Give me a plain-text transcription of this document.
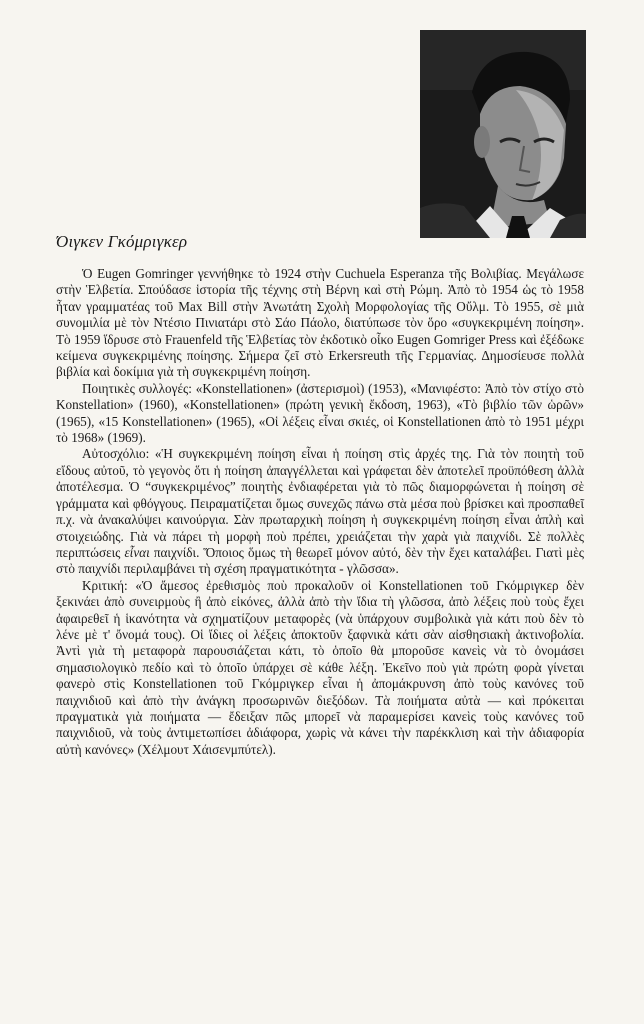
Όιγκεν Γκόμριγκερ

Ὁ Eugen Gomringer γεννήθηκε τὸ 1924 στὴν Cuchuela Esperanza τῆς Βολιβίας. Μεγάλωσε στὴν Ἑλβετία. Σπούδασε ἱστορία τῆς τέχνης στὴ Βέρνη καὶ στὴ Ρώμη. Ἀπὸ τὸ 1954 ὡς τὸ 1958 ἦταν γραμματέας τοῦ Max Bill στὴν Ἀνωτάτη Σχολὴ Μορφολογίας τῆς Οὔλμ. Τὸ 1955, σὲ μιὰ συνομιλία μὲ τὸν Ντέσιο Πινιατάρι στὸ Σάο Πάολο, διατύπωσε τὸν ὅρο «συγκεκριμένη ποίηση». Τὸ 1959 ἵδρυσε στὸ Frauenfeld τῆς Ἑλβετίας τὸν ἐκδοτικὸ οἶκο Eugen Gomriger Press καὶ ἐξέδωκε κείμενα συγκεκριμένης ποίησης. Σήμερα ζεῖ στὸ Erkersreuth τῆς Γερμανίας. Δημοσίευσε πολλὰ βιβλία καὶ δοκίμια γιὰ τὴ συγκεκριμένη ποίηση.

Ποιητικὲς συλλογές: «Konstellationen» (ἀστερισμοὶ) (1953), «Μανιφέστο: Ἀπὸ τὸν στίχο στὸ Konstellation» (1960), «Konstellationen» (πρώτη γενικὴ ἔκδοση, 1963), «Τὸ βιβλίο τῶν ὡρῶν» (1965), «15 Konstellationen» (1965), «Οἱ λέξεις εἶναι σκιές, οἱ Konstellationen ἀπὸ τὸ 1951 μέχρι τὸ 1968» (1969).

Αὐτοσχόλιο: «Ἡ συγκεκριμένη ποίηση εἶναι ἡ ποίηση στὶς ἀρχές της. Γιὰ τὸν ποιητὴ τοῦ εἴδους αὐτοῦ, τὸ γεγονὸς ὅτι ἡ ποίηση ἀπαγγέλλεται καὶ γράφεται δὲν ἀποτελεῖ προϋπόθεση ἀλλὰ ἀποτέλεσμα. Ὁ “συγκεκριμένος” ποιητὴς ἐνδιαφέρεται γιὰ τὸ πῶς διαμορφώνεται ἡ ποίηση σὲ γράμματα καὶ φθόγγους. Πειραματίζεται ὅμως συνεχῶς πάνω στὰ μέσα ποὺ βρίσκει καὶ προσπαθεῖ π.χ. νὰ ἀνακαλύψει καινούργια. Σὰν πρωταρχικὴ ποίηση ἡ συγκεκριμένη ποίηση εἶναι ἁπλὴ καὶ στοιχειώδης. Γιὰ νὰ πάρει τὴ μορφὴ ποὺ πρέπει, χρειάζεται τὴν χαρὰ γιὰ παιχνίδι. Σὲ πολλὲς περιπτώσεις εἶναι παιχνίδι. Ὅποιος ὅμως τὴ θεωρεῖ μόνον αὐτό, δὲν τὴν ἔχει καταλάβει. Γιατὶ μὲς στὸ παιχνίδι περιλαμβάνει τὴ σχέση πραγματικότητα - γλῶσσα».

Κριτική: «Ὁ ἄμεσος ἐρεθισμὸς ποὺ προκαλοῦν οἱ Konstellationen τοῦ Γκόμριγκερ δὲν ξεκινάει ἀπὸ συνειρμοὺς ἢ ἀπὸ εἰκόνες, ἀλλὰ ἀπὸ τὴν ἴδια τὴ γλῶσσα, ἀπὸ λέξεις ποὺ τοὺς ἔχει ἀφαιρεθεῖ ἡ ἱκανότητα νὰ σχηματίζουν μεταφορὲς (νὰ ὑπάρχουν συμβολικὰ γιὰ κάτι ποὺ δὲν τὸ λένε μὲ τ' ὄνομά τους). Οἱ ἴδιες οἱ λέξεις ἀποκτοῦν ξαφνικὰ κάτι σὰν αἰσθησιακὴ ἀκτινοβολία. Ἀντὶ γιὰ τὴ μεταφορὰ παρουσιάζεται κάτι, τὸ ὁποῖο θὰ μποροῦσε κανεὶς νὰ τὸ ὀνομάσει σημασιολογικὸ πεδίο καὶ τὸ ὁποῖο ὑπάρχει σὲ κάθε λέξη. Ἐκεῖνο ποὺ γιὰ πρώτη φορὰ γίνεται φανερὸ στὶς Konstellationen τοῦ Γκόμριγκερ εἶναι ἡ ἀπομάκρυνση ἀπὸ τοὺς κανόνες τοῦ παιχνιδιοῦ καὶ ἀπὸ τὴν ἀνάγκη προσωρινῶν διεξόδων. Τὰ ποιήματα αὐτὰ — καὶ πρόκειται πραγματικὰ γιὰ ποιήματα — ἔδειξαν πῶς μπορεῖ νὰ παραμερίσει κανεὶς τοὺς κανόνες τοῦ παιχνιδιοῦ, νὰ τοὺς ἀντιμετωπίσει ἀδιάφορα, χωρὶς νὰ κάνει τὴν παρέκκλιση καὶ τὴν ἀδιαφορία αὐτὴ κανόνες» (Χέλμουτ Χάισενμπύτελ).
